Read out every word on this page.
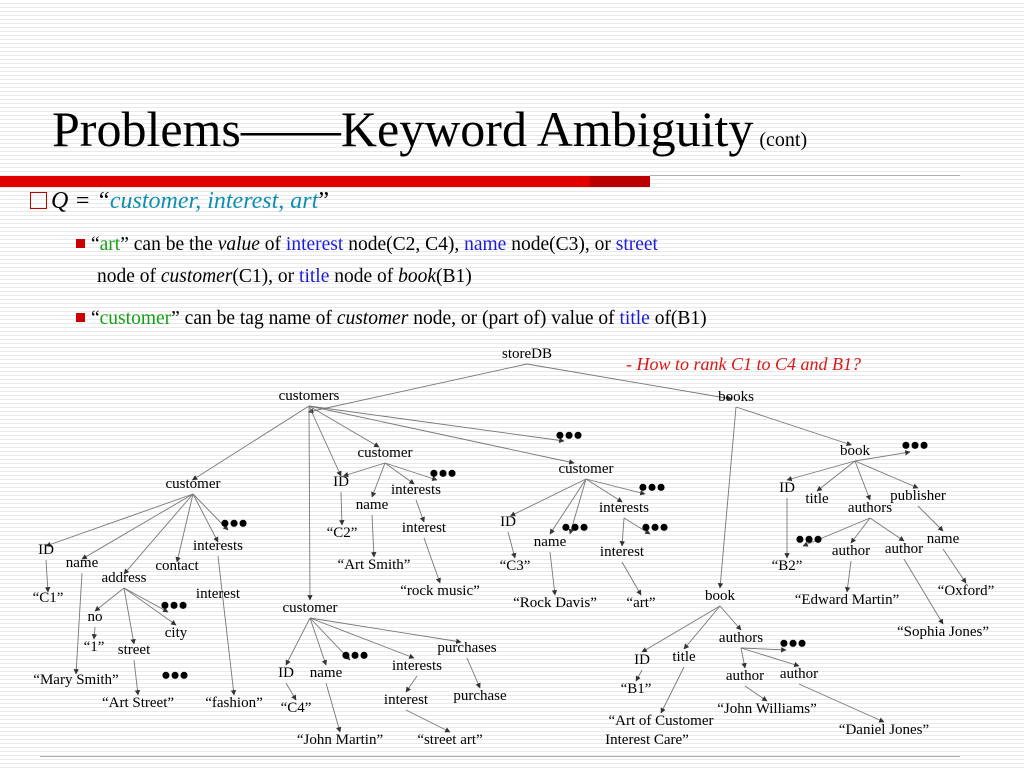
Problems——Keyword Ambiguity (cont)
Q = “customer, interest, art”
“art” can be the value of interest node(C2, C4), name node(C3), or street
node of customer(C1), or title node of book(B1)
“customer” can be tag name of customer node, or (part of) value of title of(B1)
- How to rank C1 to C4 and B1?
storeDB
customers	books
customer
ID
name
address
contact
interests
interest
no
street
city
“C1”
“1”
“Mary Smith”
“Art Street” “fashion”
customer
ID
name
interests
interest
“C2”
“Art Smith”
“rock music”
customer
ID
name
interests
interest
“C3”
“Rock Davis” “art”
customer
ID name	interests
interest
purchases
purchase
“C4”
“John Martin” “street art”
book
ID title
authors
author author
“B1”
“Art of Customer
Interest Care”
“John Williams”
“Daniel Jones”
book
ID
title
authors
publisher
author author
name
“B2”
“Edward Martin”
“Sophia Jones”
“Oxford”
•••
•••
•••
•••
•••
•••
•••
•••
•••
•••
•••
•••
